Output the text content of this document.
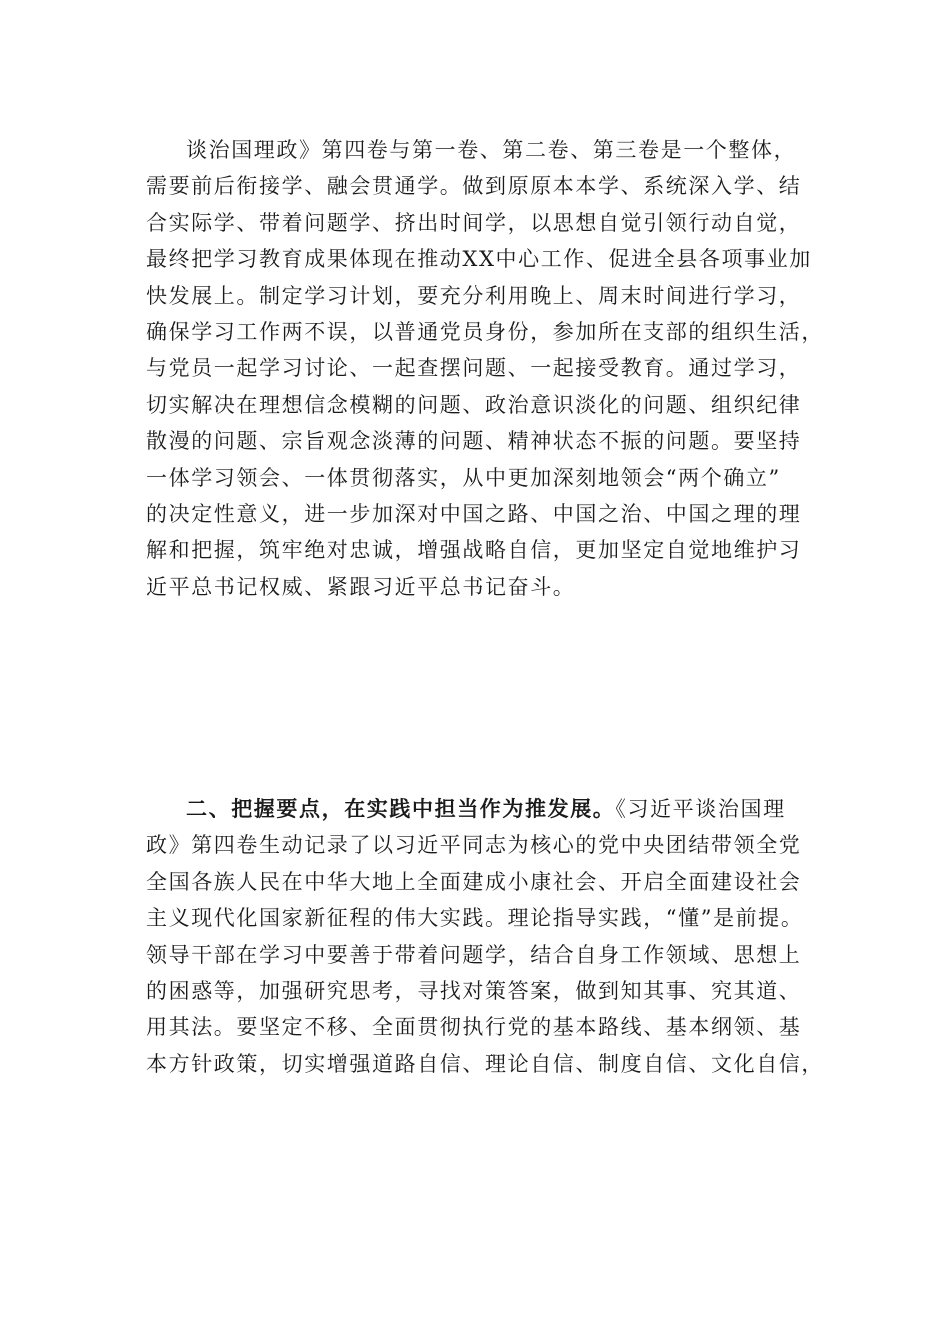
谈治国理政》第四卷与第一卷、第二卷、第三卷是一个整体，
需要前后衔接学、融会贯通学。做到原原本本学、系统深入学、结
合实际学、带着问题学、挤出时间学，以思想自觉引领行动自觉，
最终把学习教育成果体现在推动XX中心工作、促进全县各项事业加
快发展上。制定学习计划，要充分利用晚上、周末时间进行学习，
确保学习工作两不误，以普通党员身份，参加所在支部的组织生活，
与党员一起学习讨论、一起查摆问题、一起接受教育。通过学习，
切实解决在理想信念模糊的问题、政治意识淡化的问题、组织纪律
散漫的问题、宗旨观念淡薄的问题、精神状态不振的问题。要坚持
一体学习领会、一体贯彻落实，从中更加深刻地领会“两个确立”
的决定性意义，进一步加深对中国之路、中国之治、中国之理的理
解和把握，筑牢绝对忠诚，增强战略自信，更加坚定自觉地维护习
近平总书记权威、紧跟习近平总书记奋斗。
二、把握要点，在实践中担当作为推发展。《习近平谈治国理
政》第四卷生动记录了以习近平同志为核心的党中央团结带领全党
全国各族人民在中华大地上全面建成小康社会、开启全面建设社会
主义现代化国家新征程的伟大实践。理论指导实践，“懂”是前提。
领导干部在学习中要善于带着问题学，结合自身工作领域、思想上
的困惑等，加强研究思考，寻找对策答案，做到知其事、究其道、
用其法。要坚定不移、全面贯彻执行党的基本路线、基本纲领、基
本方针政策，切实增强道路自信、理论自信、制度自信、文化自信，
